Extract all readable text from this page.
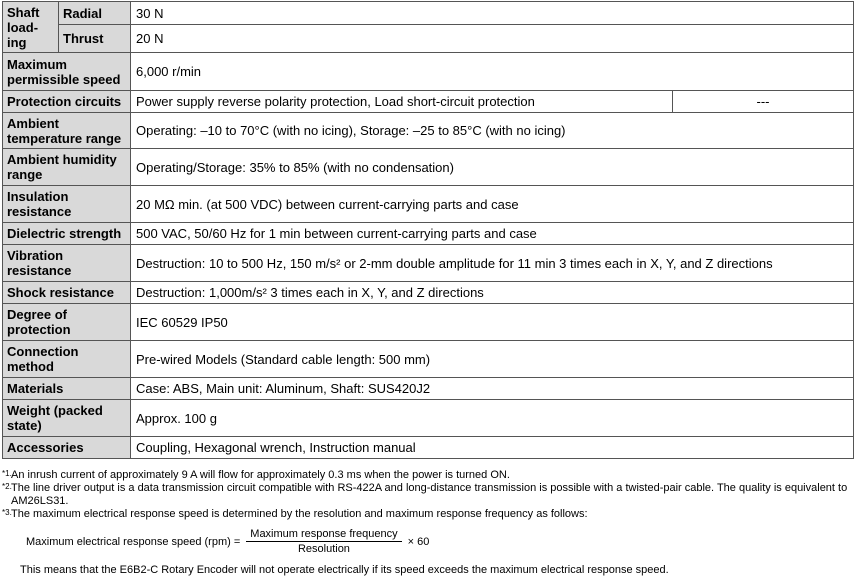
Shaft load-ing	Radial	30 N	
	Thrust	20 N	
Maximum permissible speed		6,000 r/min	
Protection circuits		Power supply reverse polarity protection, Load short-circuit protection	---
Ambient temperature range		Operating: –10 to 70°C (with no icing), Storage: –25 to 85°C (with no icing)	
Ambient humidity range		Operating/Storage: 35% to 85% (with no condensation)	
Insulation resistance		20 MΩ min. (at 500 VDC) between current-carrying parts and case	
Dielectric strength		500 VAC, 50/60 Hz for 1 min between current-carrying parts and case	
Vibration resistance		Destruction: 10 to 500 Hz, 150 m/s² or 2-mm double amplitude for 11 min 3 times each in X, Y, and Z directions	
Shock resistance		Destruction: 1,000m/s² 3 times each in X, Y, and Z directions	
Degree of protection		IEC 60529 IP50	
Connection method		Pre-wired Models (Standard cable length: 500 mm)	
Materials		Case: ABS, Main unit: Aluminum, Shaft: SUS420J2	
Weight (packed state)		Approx. 100 g	
Accessories		Coupling, Hexagonal wrench, Instruction manual	
*1. An inrush current of approximately 9 A will flow for approximately 0.3 ms when the power is turned ON.
*2. The line driver output is a data transmission circuit compatible with RS-422A and long-distance transmission is possible with a twisted-pair cable. The quality is equivalent to AM26LS31.
*3. The maximum electrical response speed is determined by the resolution and maximum response frequency as follows:
Maximum electrical response speed $(rpm) = \frac{\text{Maximum response frequency}}{\text{Resolution}} \times 60$
This means that the E6B2-C Rotary Encoder will not operate electrically if its speed exceeds the maximum electrical response speed.
